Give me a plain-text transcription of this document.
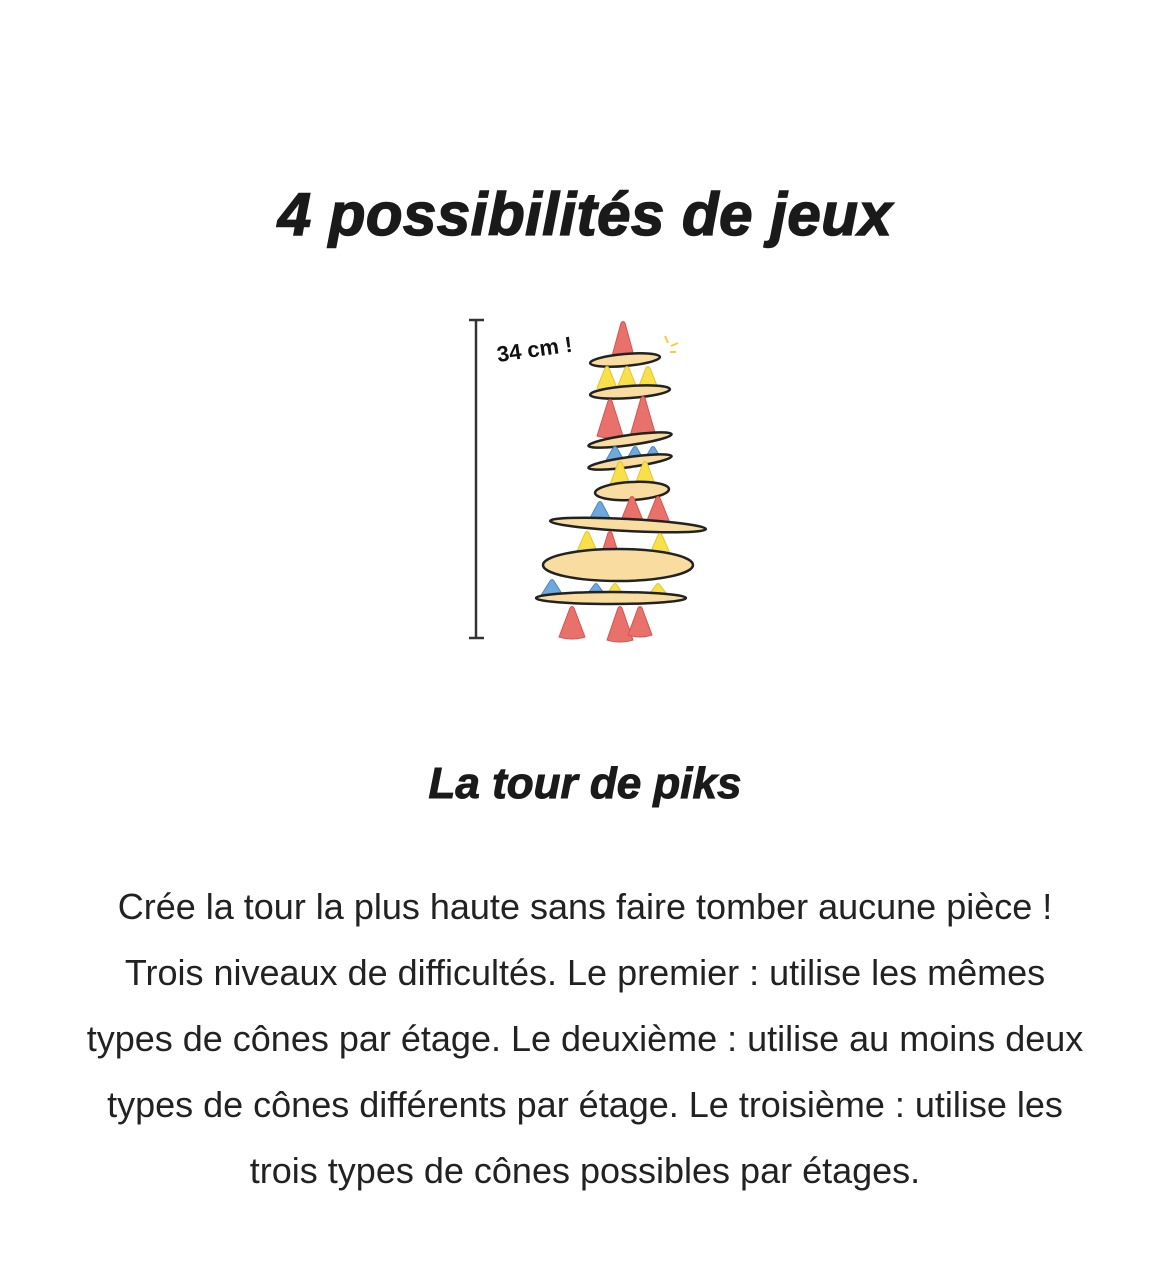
4 possibilités de jeux
34 cm !
La tour de piks

Crée la tour la plus haute sans faire tomber aucune pièce ! Trois niveaux de difficultés. Le premier : utilise les mêmes types de cônes par étage. Le deuxième : utilise au moins deux types de cônes différents par étage. Le troisième : utilise les trois types de cônes possibles par étages.
